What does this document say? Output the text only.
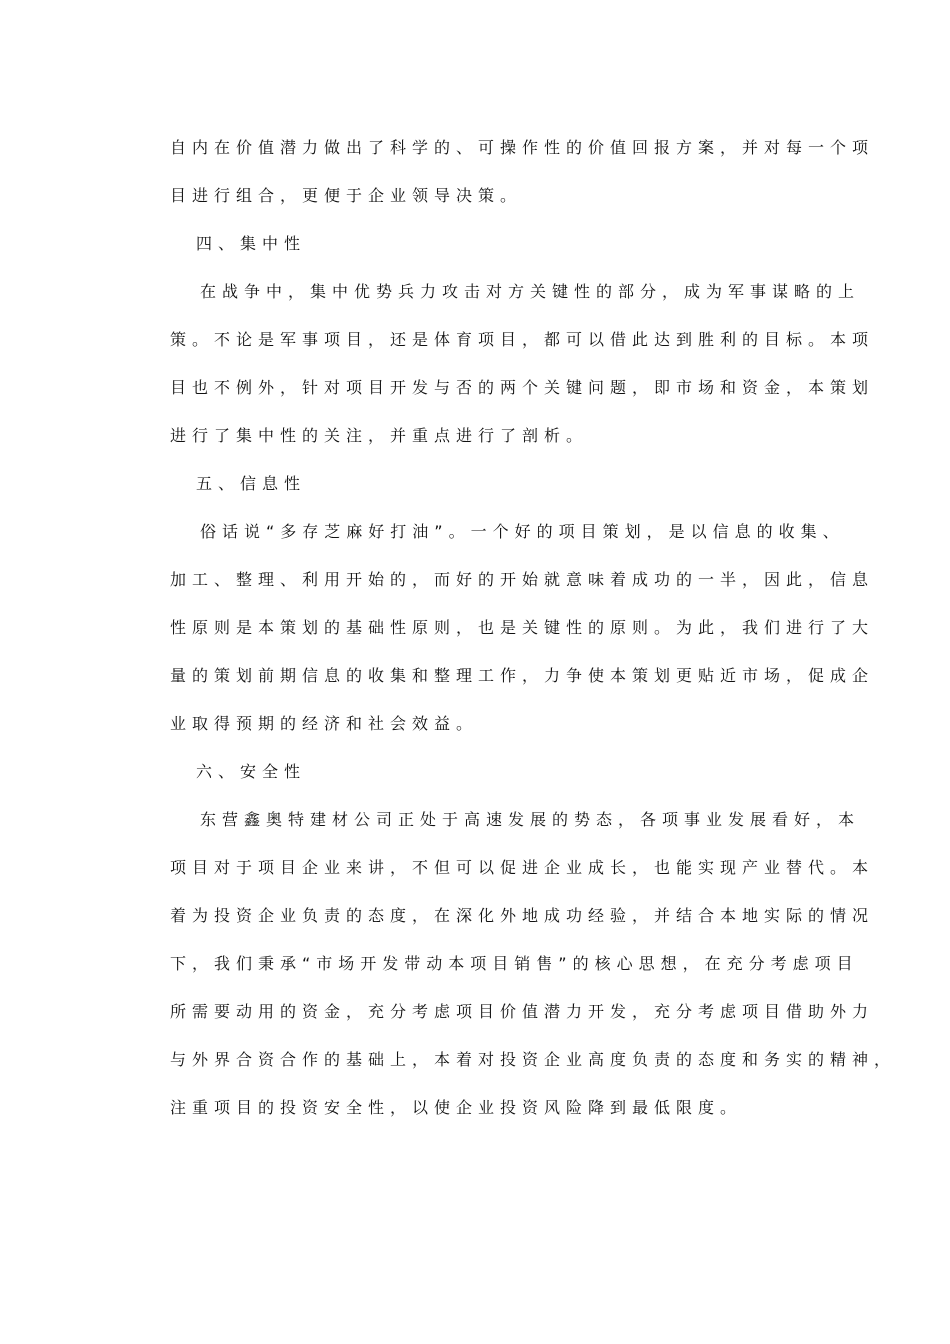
自内在价值潜力做出了科学的、可操作性的价值回报方案，并对每一个项
目进行组合，更便于企业领导决策。
四、集中性
在战争中，集中优势兵力攻击对方关键性的部分，成为军事谋略的上
策。不论是军事项目，还是体育项目，都可以借此达到胜利的目标。本项
目也不例外，针对项目开发与否的两个关键问题，即市场和资金，本策划
进行了集中性的关注，并重点进行了剖析。
五、信息性
俗话说“多存芝麻好打油”。一个好的项目策划，是以信息的收集、
加工、整理、利用开始的，而好的开始就意味着成功的一半，因此，信息
性原则是本策划的基础性原则，也是关键性的原则。为此，我们进行了大
量的策划前期信息的收集和整理工作，力争使本策划更贴近市场，促成企
业取得预期的经济和社会效益。
六、安全性
东营鑫奥特建材公司正处于高速发展的势态，各项事业发展看好，本
项目对于项目企业来讲，不但可以促进企业成长，也能实现产业替代。本
着为投资企业负责的态度，在深化外地成功经验，并结合本地实际的情况
下，我们秉承“市场开发带动本项目销售”的核心思想，在充分考虑项目
所需要动用的资金，充分考虑项目价值潜力开发，充分考虑项目借助外力
与外界合资合作的基础上，本着对投资企业高度负责的态度和务实的精神，
注重项目的投资安全性，以使企业投资风险降到最低限度。
